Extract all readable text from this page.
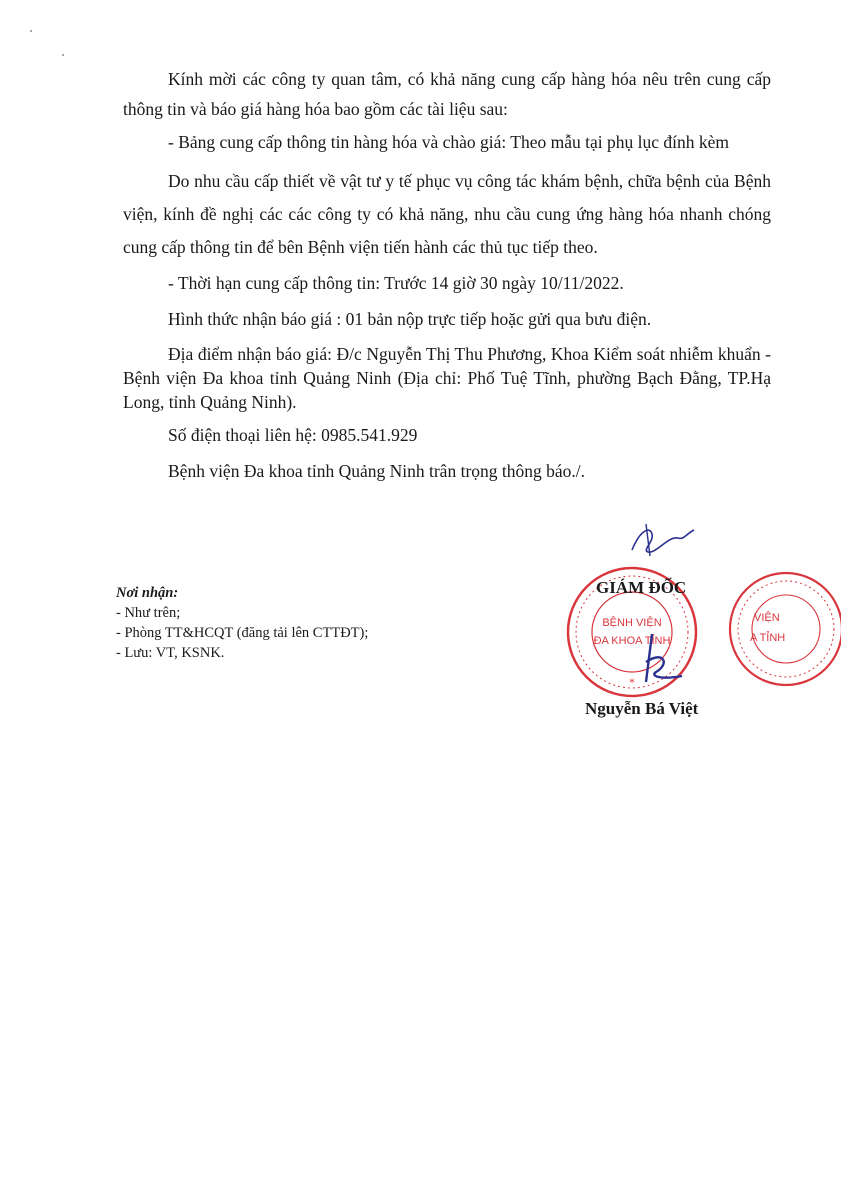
Kính mời các công ty quan tâm, có khả năng cung cấp hàng hóa nêu trên cung cấp thông tin và báo giá hàng hóa bao gồm các tài liệu sau:

- Bảng cung cấp thông tin hàng hóa và chào giá: Theo mẫu tại phụ lục đính kèm

Do nhu cầu cấp thiết về vật tư y tế phục vụ công tác khám bệnh, chữa bệnh của Bệnh viện, kính đề nghị các các công ty có khả năng, nhu cầu cung ứng hàng hóa nhanh chóng cung cấp thông tin để bên Bệnh viện tiến hành các thủ tục tiếp theo.

- Thời hạn cung cấp thông tin: Trước 14 giờ 30 ngày 10/11/2022.

Hình thức nhận báo giá : 01 bản nộp trực tiếp hoặc gửi qua bưu điện.

Địa điểm nhận báo giá: Đ/c Nguyễn Thị Thu Phương, Khoa Kiểm soát nhiễm khuẩn - Bệnh viện Đa khoa tỉnh Quảng Ninh (Địa chỉ: Phố Tuệ Tĩnh, phường Bạch Đằng, TP.Hạ Long, tỉnh Quảng Ninh).

Số điện thoại liên hệ: 0985.541.929

Bệnh viện Đa khoa tỉnh Quảng Ninh trân trọng thông báo./.

Nơi nhận:
- Như trên;
- Phòng TT&HCQT (đăng tải lên CTTĐT);
- Lưu: VT, KSNK.
BỆNH VIỆN
ĐA KHOA TỈNH
*
GIÁM ĐỐC
Nguyễn Bá Việt
VIỆN
A TỈNH
